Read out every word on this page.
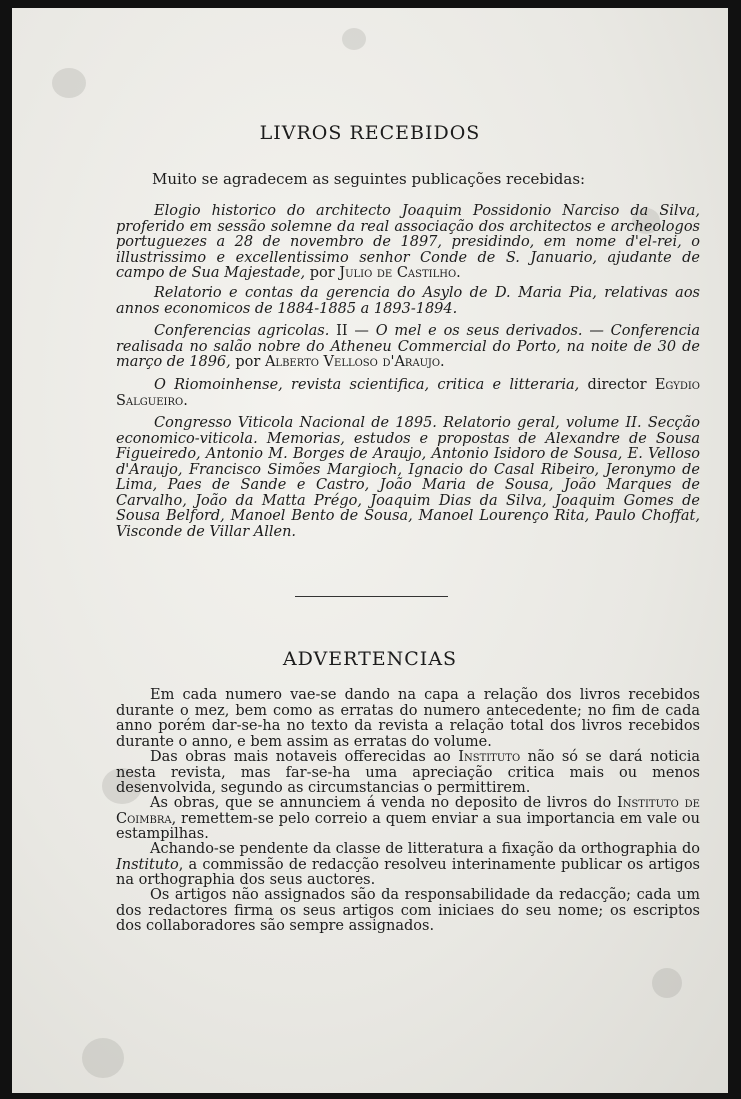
LIVROS RECEBIDOS
Muito se agradecem as seguintes publicações recebidas:

Elogio historico do architecto Joaquim Possidonio Narciso da Silva, proferido em sessão solemne da real associação dos architectos e archeologos portuguezes a 28 de novembro de 1897, presidindo, em nome d'el-rei, o illustrissimo e excellentissimo senhor Conde de S. Januario, ajudante de campo de Sua Majestade, por Julio de Castilho.

Relatorio e contas da gerencia do Asylo de D. Maria Pia, relativas aos annos economicos de 1884-1885 a 1893-1894.

Conferencias agricolas. II — O mel e os seus derivados. — Conferencia realisada no salão nobre do Atheneu Commercial do Porto, na noite de 30 de março de 1896, por Alberto Velloso d'Araujo.

O Riomoinhense, revista scientifica, critica e litteraria, director Egydio Salgueiro.

Congresso Viticola Nacional de 1895. Relatorio geral, volume II. Secção economico-viticola. Memorias, estudos e propostas de Alexandre de Sousa Figueiredo, Antonio M. Borges de Araujo, Antonio Isidoro de Sousa, E. Velloso d'Araujo, Francisco Simões Margioch, Ignacio do Casal Ribeiro, Jeronymo de Lima, Paes de Sande e Castro, João Maria de Sousa, João Marques de Carvalho, João da Matta Prégo, Joaquim Dias da Silva, Joaquim Gomes de Sousa Belford, Manoel Bento de Sousa, Manoel Lourenço Rita, Paulo Choffat, Visconde de Villar Allen.

ADVERTENCIAS

Em cada numero vae-se dando na capa a relação dos livros recebidos durante o mez, bem como as erratas do numero antecedente; no fim de cada anno porém dar-se-ha no texto da revista a relação total dos livros recebidos durante o anno, e bem assim as erratas do volume.

Das obras mais notaveis offerecidas ao Instituto não só se dará noticia nesta revista, mas far-se-ha uma apreciação critica mais ou menos desenvolvida, segundo as circumstancias o permittirem.

As obras, que se annunciem á venda no deposito de livros do Instituto de Coimbra, remettem-se pelo correio a quem enviar a sua importancia em vale ou estampilhas.

Achando-se pendente da classe de litteratura a fixação da orthographia do Instituto, a commissão de redacção resolveu interinamente publicar os artigos na orthographia dos seus auctores.

Os artigos não assignados são da responsabilidade da redacção; cada um dos redactores firma os seus artigos com iniciaes do seu nome; os escriptos dos collaboradores são sempre assignados.
